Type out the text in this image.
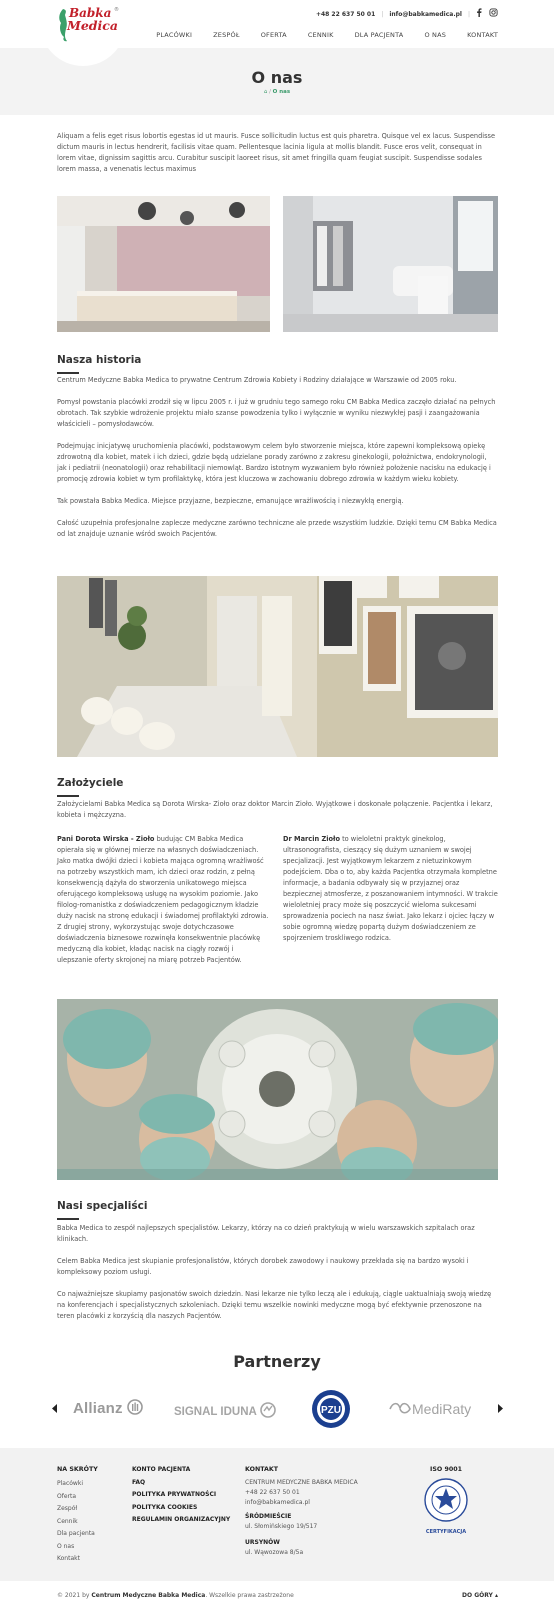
+48 22 637 50 01 | info@babkamedica.pl |
PLACÓWKI	ZESPÓŁ	OFERTA	CENNIK	DLA PACJENTA	O NAS	KONTAKT
Babka
Medica
®
O nas
⌂ / O nas

Aliquam a felis eget risus lobortis egestas id ut mauris. Fusce sollicitudin luctus est quis pharetra. Quisque vel ex lacus. Suspendisse dictum mauris in lectus hendrerit, facilisis vitae quam. Pellentesque lacinia ligula at mollis blandit. Fusce eros velit, consequat in lorem vitae, dignissim sagittis arcu. Curabitur suscipit laoreet risus, sit amet fringilla quam feugiat suscipit. Suspendisse sodales lorem massa, a venenatis lectus maximus

Nasza historia

Centrum Medyczne Babka Medica to prywatne Centrum Zdrowia Kobiety i Rodziny działające w Warszawie od 2005 roku.

Pomysł powstania placówki zrodził się w lipcu 2005 r. i już w grudniu tego samego roku CM Babka Medica zaczęło działać na pełnych obrotach. Tak szybkie wdrożenie projektu miało szanse powodzenia tylko i wyłącznie w wyniku niezwykłej pasji i zaangażowania właścicieli – pomysłodawców.

Podejmując inicjatywę uruchomienia placówki, podstawowym celem było stworzenie miejsca, które zapewni kompleksową opiekę zdrowotną dla kobiet, matek i ich dzieci, gdzie będą udzielane porady zarówno z zakresu ginekologii, położnictwa, endokrynologii, jak i pediatrii (neonatologii) oraz rehabilitacji niemowląt. Bardzo istotnym wyzwaniem było również położenie nacisku na edukację i promocję zdrowia kobiet w tym profilaktykę, która jest kluczowa w zachowaniu dobrego zdrowia w każdym wieku kobiety.

Tak powstała Babka Medica. Miejsce przyjazne, bezpieczne, emanujące wrażliwością i niezwykłą energią.

Całość uzupełnia profesjonalne zaplecze medyczne zarówno techniczne ale przede wszystkim ludzkie. Dzięki temu CM Babka Medica od lat znajduje uznanie wśród swoich Pacjentów.

Założyciele

Założycielami Babka Medica są Dorota Wirska- Zioło oraz doktor Marcin Zioło. Wyjątkowe i doskonałe połączenie. Pacjentka i lekarz, kobieta i mężczyzna.

Pani Dorota Wirska - Zioło budując CM Babka Medica opierała się w głównej mierze na własnych doświadczeniach. Jako matka dwójki dzieci i kobieta mająca ogromną wrażliwość na potrzeby wszystkich mam, ich dzieci oraz rodzin, z pełną konsekwencją dążyła do stworzenia unikatowego miejsca oferującego kompleksową usługę na wysokim poziomie. Jako filolog-romanistka z doświadczeniem pedagogicznym kładzie duży nacisk na stronę edukacji i świadomej profilaktyki zdrowia. Z drugiej strony, wykorzystując swoje dotychczasowe doświadczenia biznesowe rozwinęła konsekwentnie placówkę medyczną dla kobiet, kładąc nacisk na ciągły rozwój i ulepszanie oferty skrojonej na miarę potrzeb Pacjentów.

Dr Marcin Zioło to wieloletni praktyk ginekolog, ultrasonografista, cieszący się dużym uznaniem w swojej specjalizacji. Jest wyjątkowym lekarzem z nietuzinkowym podejściem. Dba o to, aby każda Pacjentka otrzymała kompletne informacje, a badania odbywały się w przyjaznej oraz bezpiecznej atmosferze, z poszanowaniem intymności. W trakcie wieloletniej pracy może się poszczycić wieloma sukcesami sprowadzenia pociech na nasz świat. Jako lekarz i ojciec łączy w sobie ogromną wiedzę popartą dużym doświadczeniem ze spojrzeniem troskliwego rodzica.

Nasi specjaliści

Babka Medica to zespół najlepszych specjalistów. Lekarzy, którzy na co dzień praktykują w wielu warszawskich szpitalach oraz klinikach.

Celem Babka Medica jest skupianie profesjonalistów, których dorobek zawodowy i naukowy przekłada się na bardzo wysoki i kompleksowy poziom usługi.

Co najważniejsze skupiamy pasjonatów swoich dziedzin. Nasi lekarze nie tylko leczą ale i edukują, ciągle uaktualniają swoją wiedzę na konferencjach i specjalistycznych szkoleniach. Dzięki temu wszelkie nowinki medyczne mogą być efektywnie przenoszone na teren placówki z korzyścią dla naszych Pacjentów.

Partnerzy
Allianz	SIGNAL IDUNA	PZU	MediRaty
NA SKRÓTY
Placówki
Oferta
Zespół
Cennik
Dla pacjenta
O nas
Kontakt
KONTO PACJENTA
FAQ
POLITYKA PRYWATNOŚCI
POLITYKA COOKIES
REGULAMIN ORGANIZACYJNY
KONTAKT
CENTRUM MEDYCZNE BABKA MEDICA
+48 22 637 50 01
info@babkamedica.pl
ŚRÓDMIEŚCIE
ul. Słomińskiego 19/517
URSYNÓW
ul. Wąwozowa 8/5a
ISO 9001
CERTYFIKACJA
© 2021 by Centrum Medyczne Babka Medica. Wszelkie prawa zastrzeżone	DO GÓRY ▴
